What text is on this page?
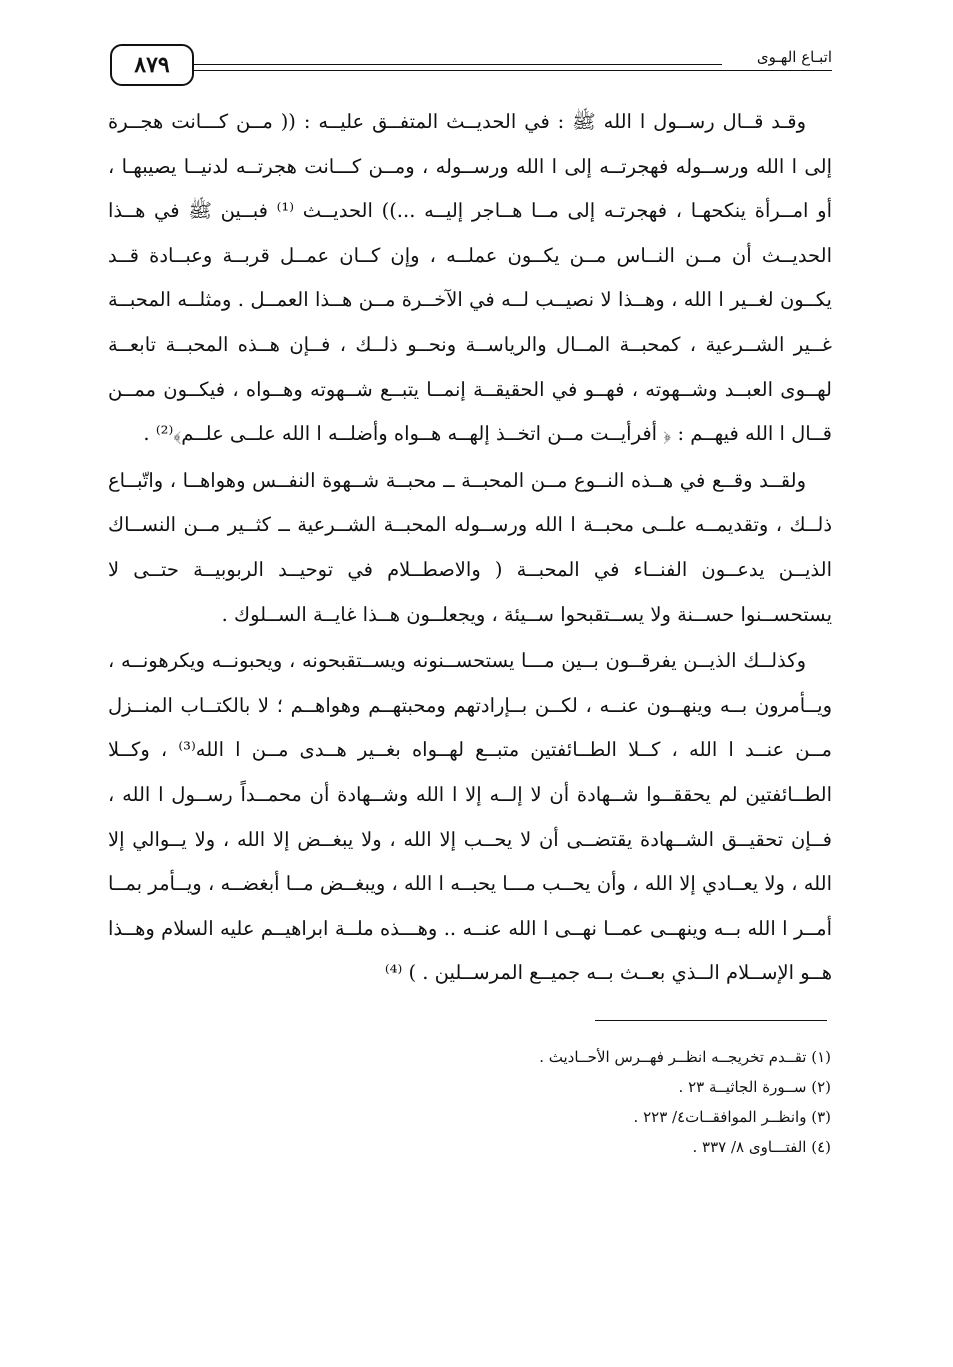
٨٧٩	اتبـاع الهـوى

وقـد قــال رســول ا الله ﷺ : في الحديــث المتفــق عليــه : (( مــن كـــانت هجــرة إلى ا الله ورســوله فهجرتــه إلى ا الله ورســوله ، ومــن كـــانت هجرتــه لدنيــا يصيبهـا ، أو امــرأة ينكحهـا ، فهجرتـه إلى مــا هــاجر إليــه ...)) الحديــث ⁽¹⁾ فبــين ﷺ في هــذا الحديــث أن مــن النــاس مــن يكــون عملــه ، وإن كــان عمــل قربــة وعبــادة قــد يكــون لغــير ا الله ، وهــذا لا نصيــب لــه في الآخــرة مــن هــذا العمــل . ومثلــه المحبــة غــير الشــرعية ، كمحبــة المــال والرياســة ونحــو ذلــك ، فــإن هــذه المحبــة تابعــة لهــوى العبــد وشــهوته ، فهــو في الحقيقــة إنمــا يتبــع شــهوته وهــواه ، فيكــون ممــن قــال ا الله فيهــم : ﴿ أفرأيــت مــن اتخــذ إلهــه هــواه وأضلــه ا الله علــى علــم﴾⁽²⁾ .

ولقــد وقــع في هــذه النــوع مــن المحبــة ــ محبــة شــهوة النفــس وهواهــا ، واتّبــاع ذلــك ، وتقديمــه علــى محبــة ا الله ورســوله المحبــة الشــرعية ــ كثــير مــن النســاك الذيــن يدعــون الفنــاء في المحبــة ( والاصطــلام في توحيــد الربوبيــة حتــى لا يستحســنوا حســنة ولا يســتقبحوا ســيئة ، ويجعلــون هــذا غايــة الســلوك .

وكذلــك الذيــن يفرقــون بــين مـــا يستحســنونه ويســتقبحونه ، ويحبونــه ويكرهونــه ، ويــأمرون بــه وينهــون عنــه ، لكــن بــإرادتهم ومحبتهــم وهواهــم ؛ لا بالكتــاب المنــزل مــن عنــد ا الله ، كــلا الطــائفتين متبــع لهــواه بغــير هــدى مــن ا الله⁽³⁾ ، وكــلا الطــائفتين لم يحققــوا شــهادة أن لا إلــه إلا ا الله وشــهادة أن محمــداً رســول ا الله ، فــإن تحقيــق الشــهادة يقتضــى أن لا يحــب إلا الله ، ولا يبغــض إلا الله ، ولا يــوالي إلا الله ، ولا يعــادي إلا الله ، وأن يحــب مـــا يحبــه ا الله ، ويبغــض مــا أبغضــه ، ويــأمر بمــا أمــر ا الله بــه وينهــى عمــا نهــى ا الله عنــه .. وهـــذه ملــة ابراهيــم عليه السلام وهــذا هــو الإســلام الــذي بعــث بــه جميــع المرســلين . ) ⁽⁴⁾

(١) تقــدم تخريجــه انظــر فهــرس الأحــاديث .

(٢) ســورة الجاثيــة ٢٣ .

(٣) وانظــر الموافقــات٤/ ٢٢٣ .

(٤) الفتـــاوى ٨/ ٣٣٧ .
